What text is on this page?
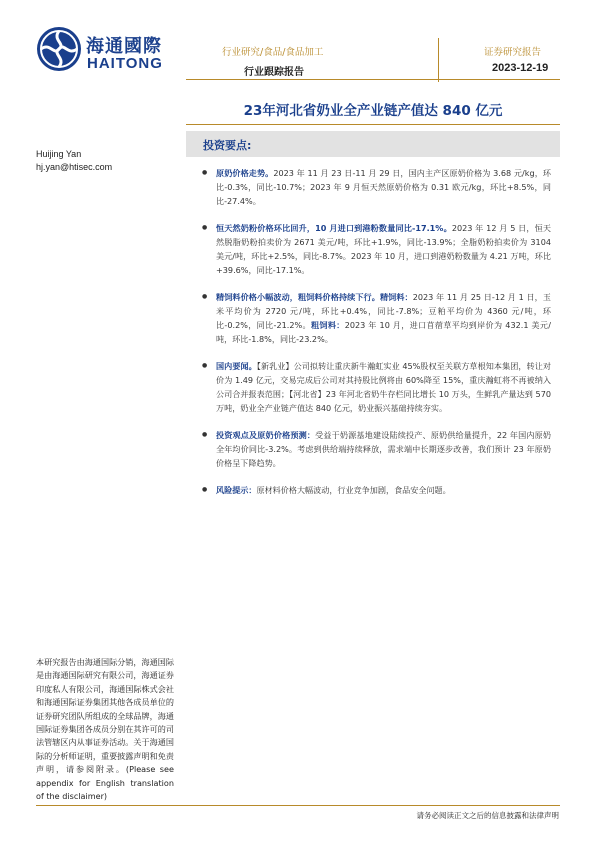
海通國際
HAITONG
行业研究/食品/食品加工
行业跟踪报告
证券研究报告
2023-12-19
23年河北省奶业全产业链产值达 840 亿元
投资要点:
Huijing Yan
hj.yan@htisec.com
● 原奶价格走势。2023 年 11 月 23 日-11 月 29 日，国内主产区原奶价格为 3.68 元/kg，环比-0.3%，同比-10.7%；2023 年 9 月恒天然原奶价格为 0.31 欧元/kg，环比+8.5%，同比-27.4%。
● 恒天然奶粉价格环比回升，10 月进口到港粉数量同比-17.1%。2023 年 12 月 5 日，恒天然脱脂奶粉拍卖价为 2671 美元/吨，环比+1.9%，同比-13.9%；全脂奶粉拍卖价为 3104 美元/吨，环比+2.5%，同比-8.7%。2023 年 10 月，进口到港奶粉数量为 4.21 万吨，环比+39.6%，同比-17.1%。
● 精饲料价格小幅波动，粗饲料价格持续下行。精饲料：2023 年 11 月 25 日-12 月 1 日，玉米平均价为 2720 元/吨，环比+0.4%，同比-7.8%；豆粕平均价为 4360 元/吨，环比-0.2%，同比-21.2%。粗饲料：2023 年 10 月，进口苜蓿草平均到岸价为 432.1 美元/吨，环比-1.8%，同比-23.2%。
● 国内要闻。【新乳业】公司拟转让重庆新牛瀚虹实业 45%股权至关联方草根知本集团，转让对价为 1.49 亿元，交易完成后公司对其持股比例将由 60%降至 15%，重庆瀚虹将不再被纳入公司合并报表范围；【河北省】23 年河北省奶牛存栏同比增长 10 万头，生鲜乳产量达到 570 万吨，奶业全产业链产值达 840 亿元，奶业振兴基础持续夯实。
● 投资观点及原奶价格预测：受益于奶源基地建设陆续投产、原奶供给量提升，22 年国内原奶全年均价同比-3.2%。考虑到供给端持续释放，需求端中长期逐步改善，我们预计 23 年原奶价格呈下降趋势。
● 风险提示：原材料价格大幅波动，行业竞争加剧，食品安全问题。
本研究报告由海通国际分销，海通国际是由海通国际研究有限公司，海通证券印度私人有限公司，海通国际株式会社和海通国际证券集团其他各成员单位的证券研究团队所组成的全球品牌，海通国际证券集团各成员分别在其许可的司法管辖区内从事证券活动。关于海通国际的分析师证明，重要披露声明和免责声明，请参阅附录。(Please see appendix for English translation of the disclaimer)
请务必阅读正文之后的信息披露和法律声明
